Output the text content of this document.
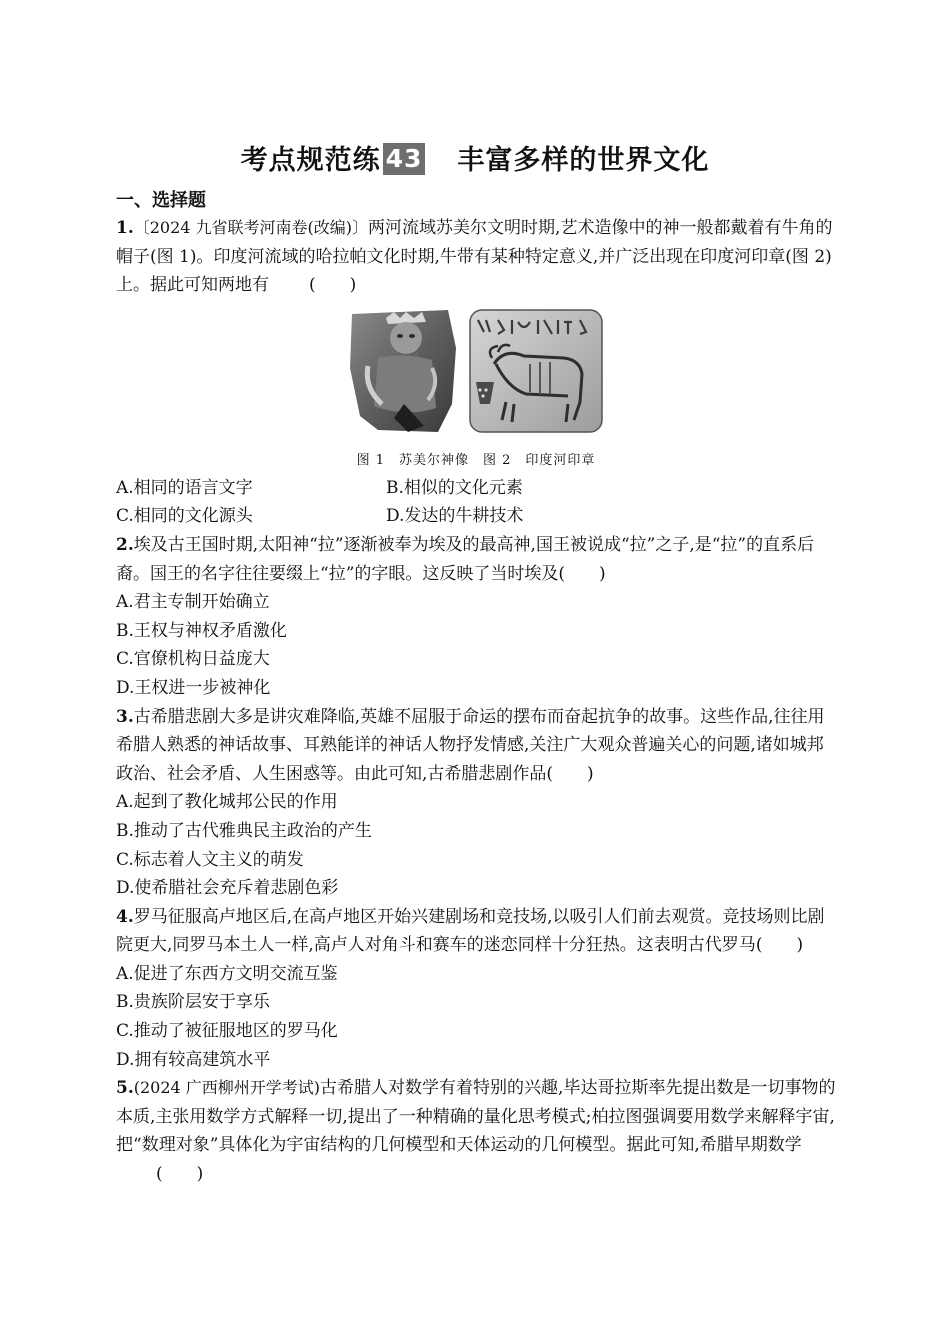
考点规范练 43 丰富多样的世界文化
一、选择题

1.〔2024 九省联考河南卷(改编)〕两河流域苏美尔文明时期,艺术造像中的神一般都戴着有牛角的帽子(图 1)。印度河流域的哈拉帕文化时期,牛带有某种特定意义,并广泛出现在印度河印章(图 2)上。据此可知两地有 (　　)

图 1　苏美尔神像　图 2　印度河印章
A.相同的语言文字	B.相似的文化元素
C.相同的文化源头	D.发达的牛耕技术

2.埃及古王国时期,太阳神“拉”逐渐被奉为埃及的最高神,国王被说成“拉”之子,是“拉”的直系后裔。国王的名字往往要缀上“拉”的字眼。这反映了当时埃及(　　)

A.君主专制开始确立

B.王权与神权矛盾激化

C.官僚机构日益庞大

D.王权进一步被神化

3.古希腊悲剧大多是讲灾难降临,英雄不屈服于命运的摆布而奋起抗争的故事。这些作品,往往用希腊人熟悉的神话故事、耳熟能详的神话人物抒发情感,关注广大观众普遍关心的问题,诸如城邦政治、社会矛盾、人生困惑等。由此可知,古希腊悲剧作品(　　)

A.起到了教化城邦公民的作用

B.推动了古代雅典民主政治的产生

C.标志着人文主义的萌发

D.使希腊社会充斥着悲剧色彩

4.罗马征服高卢地区后,在高卢地区开始兴建剧场和竞技场,以吸引人们前去观赏。竞技场则比剧院更大,同罗马本土人一样,高卢人对角斗和赛车的迷恋同样十分狂热。这表明古代罗马(　　)

A.促进了东西方文明交流互鉴

B.贵族阶层安于享乐

C.推动了被征服地区的罗马化

D.拥有较高建筑水平

5.(2024 广西柳州开学考试)古希腊人对数学有着特别的兴趣,毕达哥拉斯率先提出数是一切事物的本质,主张用数学方式解释一切,提出了一种精确的量化思考模式;柏拉图强调要用数学来解释宇宙,把“数理对象”具体化为宇宙结构的几何模型和天体运动的几何模型。据此可知,希腊早期数学(　　)
